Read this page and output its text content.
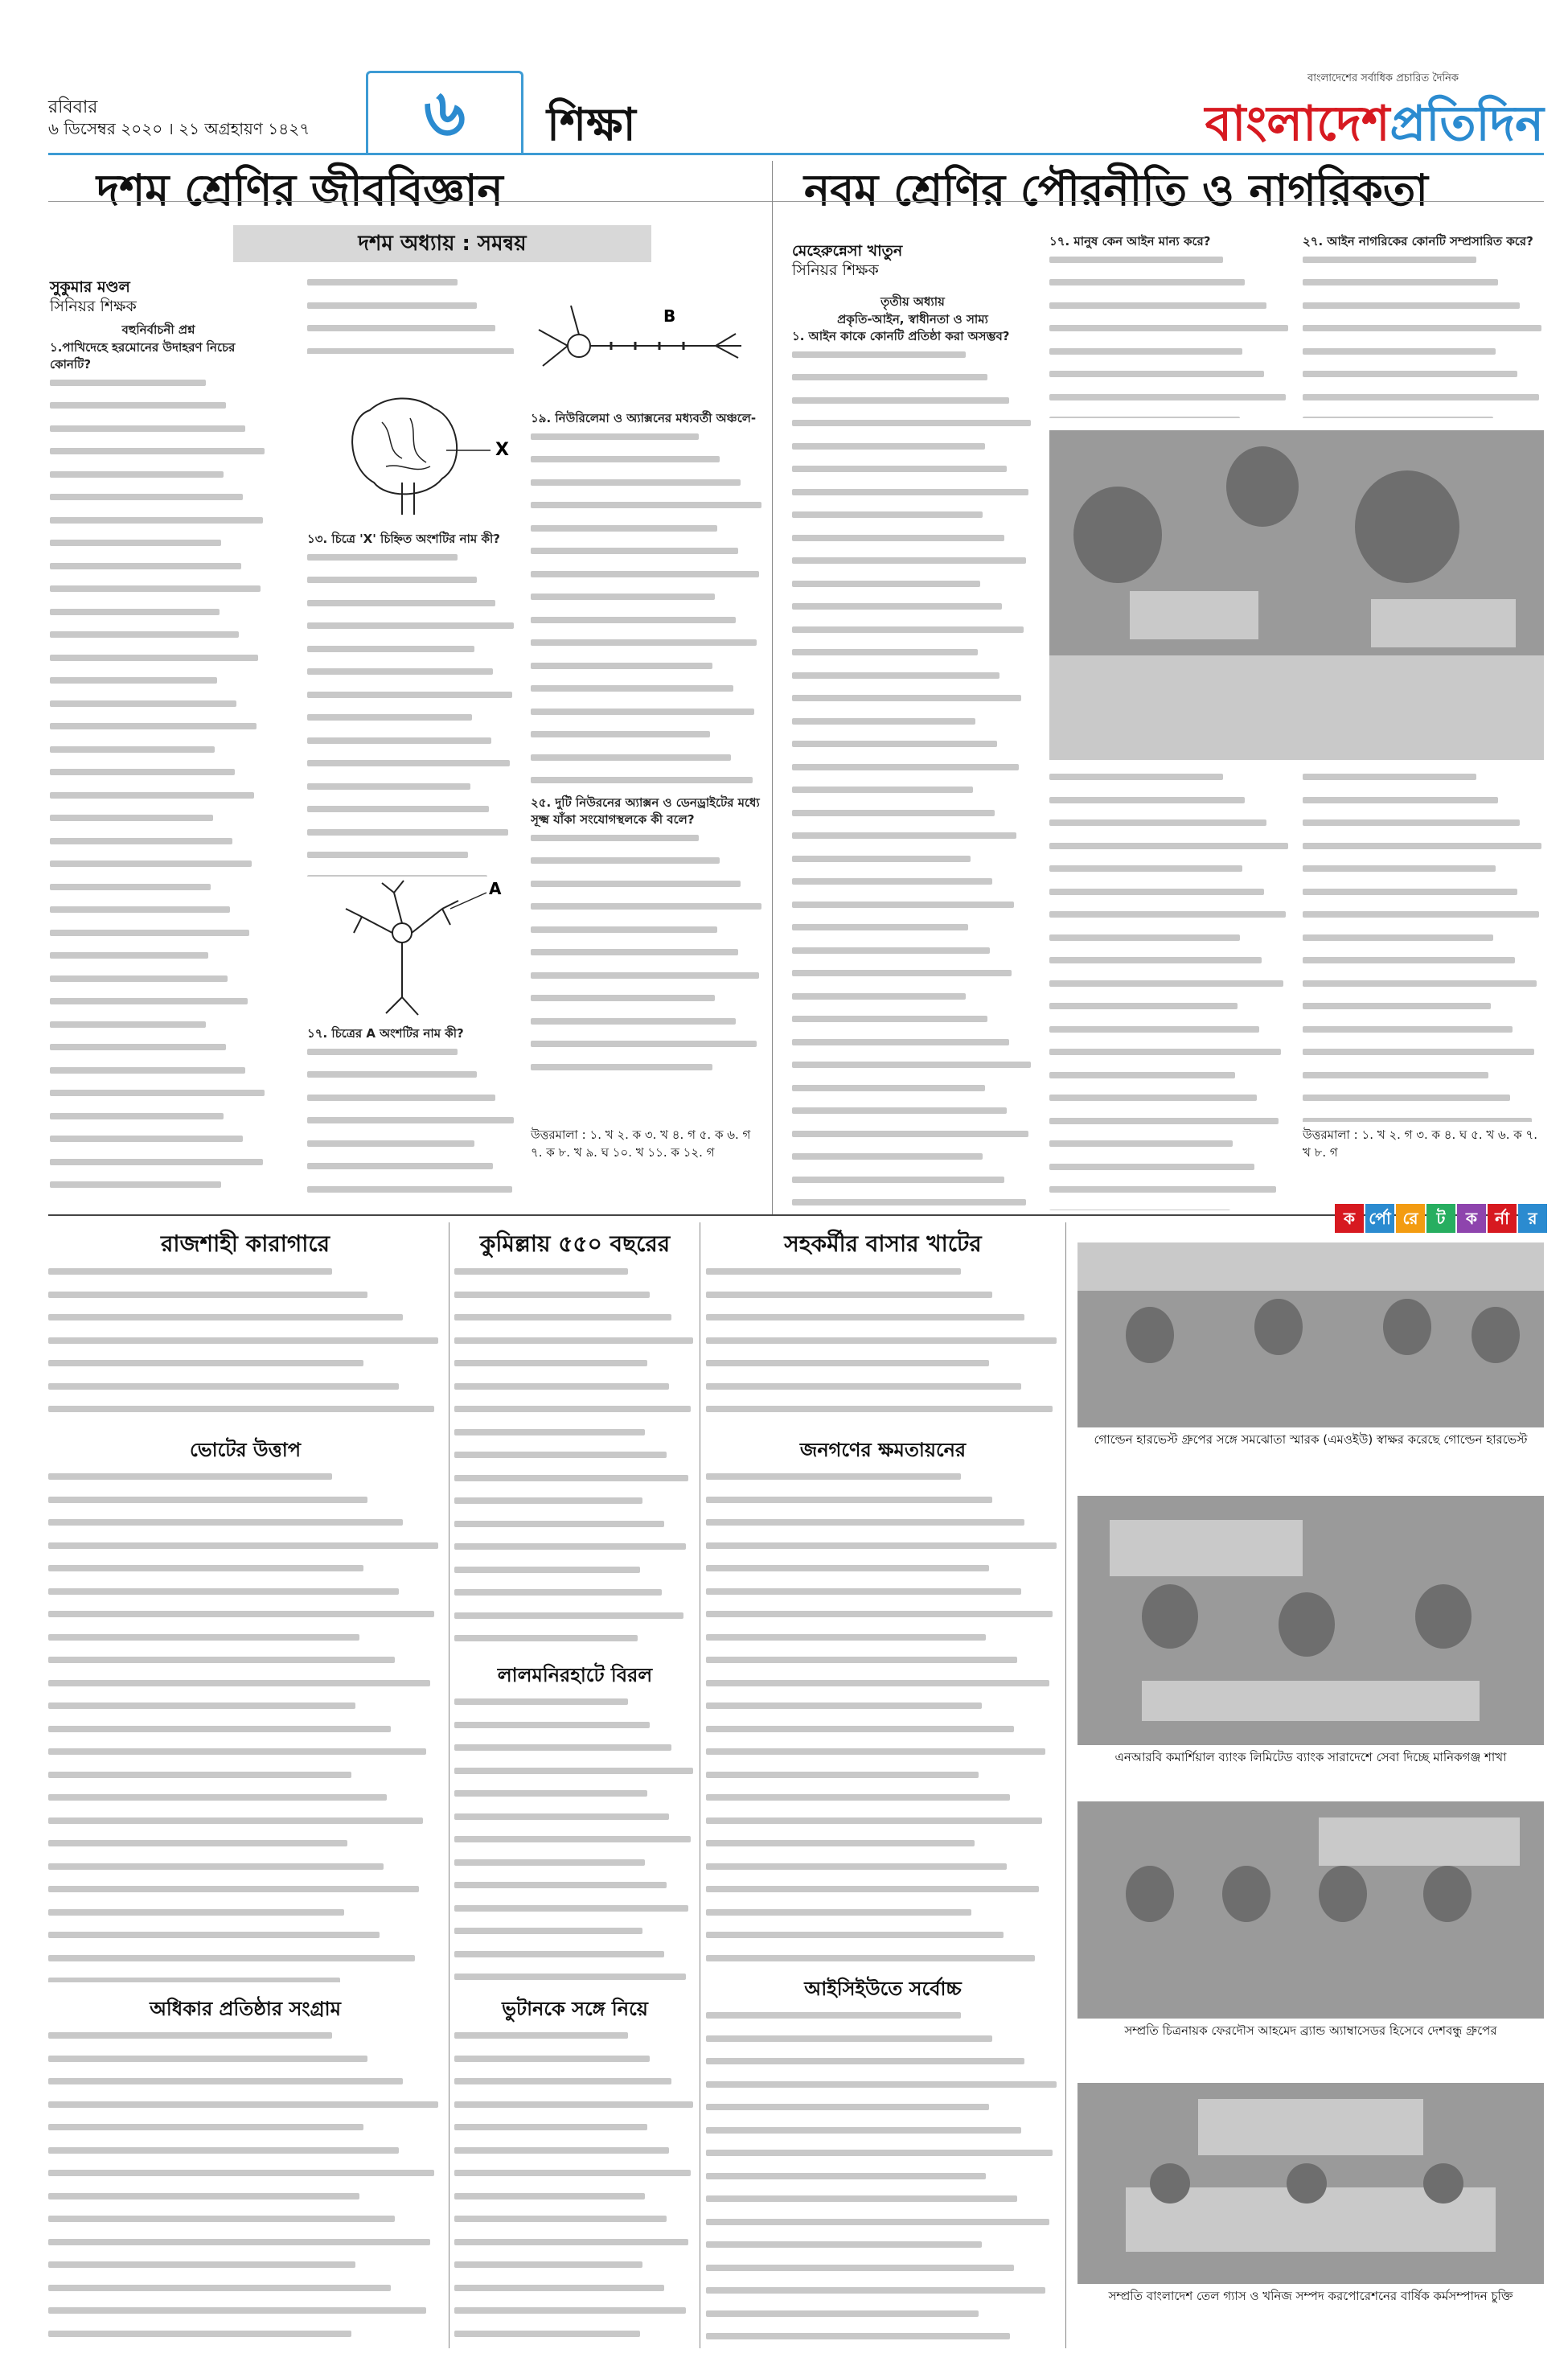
রবিবার
৬ ডিসেম্বর ২০২০ । ২১ অগ্রহায়ণ ১৪২৭	৬	শিক্ষা
বাংলাদেশের সর্বাধিক প্রচারিত দৈনিক
বাংলাদেশপ্রতিদিন
দশম শ্রেণির জীববিজ্ঞান	নবম শ্রেণির পৌরনীতি ও নাগরিকতা
দশম অধ্যায় : সমন্বয়
সুকুমার মণ্ডল
সিনিয়র শিক্ষক
বহুনির্বাচনী প্রশ্ন
১.পাখিদেহে হরমোনের উদাহরণ নিচের কোনটি?
X
১৩. চিত্রে 'X' চিহ্নিত অংশটির নাম কী?
A
১৭. চিত্রের A অংশটির নাম কী?
B
১৯. নিউরিলেমা ও অ্যাক্সনের মধ্যবর্তী অঞ্চলে-
২৫. দুটি নিউরনের অ্যাক্সন ও ডেনড্রাইটের মধ্যে সূক্ষ্ম যাঁকা সংযোগস্থলকে কী বলে?
উত্তরমালা : ১. খ ২. ক ৩. খ ৪. গ ৫. ক ৬. গ ৭. ক ৮. খ ৯. ঘ ১০. খ ১১. ক ১২. গ
মেহেরুন্নেসা খাতুন
সিনিয়র শিক্ষক
তৃতীয় অধ্যায়
প্রকৃতি-আইন, স্বাধীনতা ও সাম্য
১. আইন কাকে কোনটি প্রতিষ্ঠা করা অসম্ভব?
১৭. মানুষ কেন আইন মান্য করে?	২৭. আইন নাগরিকের কোনটি সম্প্রসারিত করে?
উত্তরমালা : ১. খ ২. গ ৩. ক ৪. ঘ ৫. খ ৬. ক ৭. খ ৮. গ
রাজশাহী কারাগারে
ভোটের উত্তাপ
অধিকার প্রতিষ্ঠার সংগ্রাম
কুমিল্লায় ৫৫০ বছরের
লালমনিরহাটে বিরল
ভুটানকে সঙ্গে নিয়ে
সহকর্মীর বাসার খাটের
জনগণের ক্ষমতায়নের
আইসিইউতে সর্বোচ্চ
ক র্পো রে ট ক র্না র
গোল্ডেন হারভেস্ট গ্রুপের সঙ্গে সমঝোতা স্মারক (এমওইউ) স্বাক্ষর করেছে গোল্ডেন হারভেস্ট
এনআরবি কমার্শিয়াল ব্যাংক লিমিটেড ব্যাংক সারাদেশে সেবা দিচ্ছে মানিকগঞ্জ শাখা
সম্প্রতি চিত্রনায়ক ফেরদৌস আহমেদ ব্র্যান্ড অ্যাম্বাসেডর হিসেবে দেশবন্ধু গ্রুপের
সম্প্রতি বাংলাদেশ তেল গ্যাস ও খনিজ সম্পদ করপোরেশনের বার্ষিক কর্মসম্পাদন চুক্তি
